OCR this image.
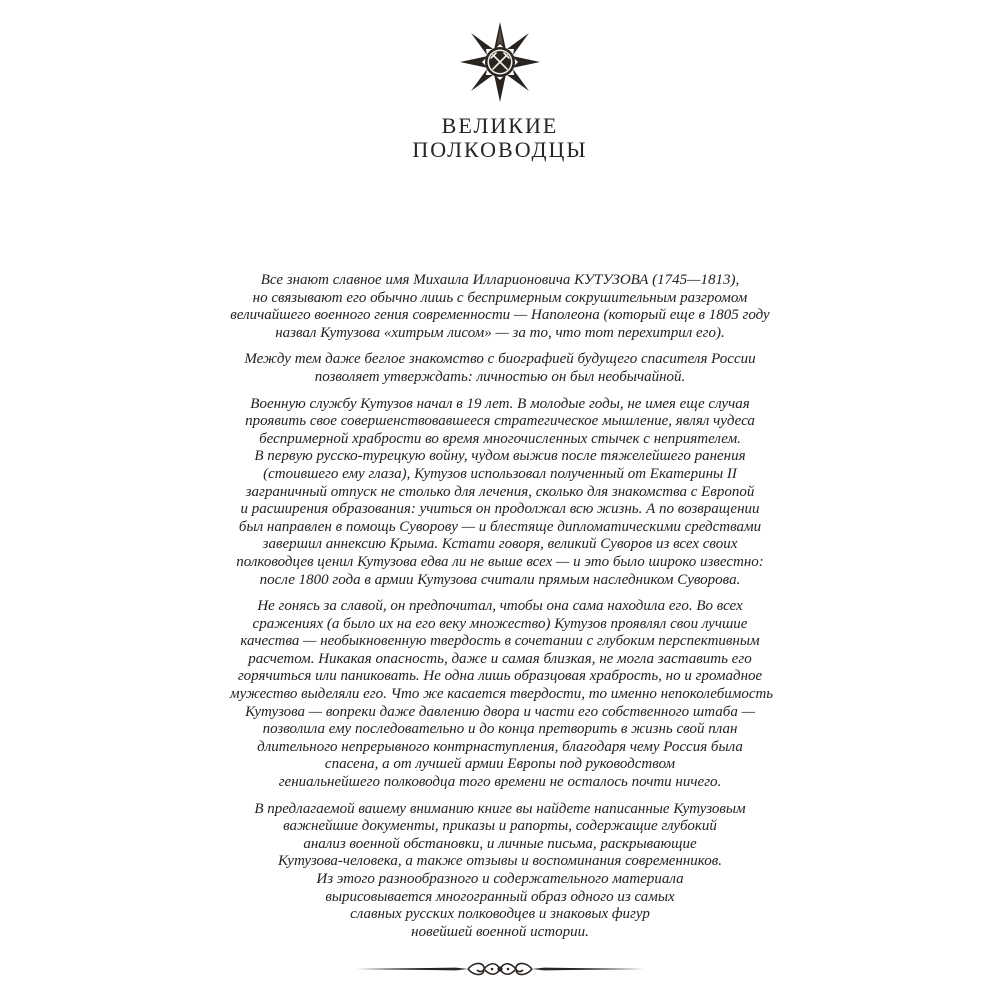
ВЕЛИКИЕ
ПОЛКОВОДЦЫ

Все знают славное имя Михаила Илларионовича КУТУЗОВА (1745—1813),
но связывают его обычно лишь с беспримерным сокрушительным разгромом
величайшего военного гения современности — Наполеона (который еще в 1805 году
назвал Кутузова «хитрым лисом» — за то, что тот перехитрил его).

Между тем даже беглое знакомство с биографией будущего спасителя России
позволяет утверждать: личностью он был необычайной.

Военную службу Кутузов начал в 19 лет. В молодые годы, не имея еще случая
проявить свое совершенствовавшееся стратегическое мышление, являл чудеса
беспримерной храбрости во время многочисленных стычек с неприятелем.
В первую русско-турецкую войну, чудом выжив после тяжелейшего ранения
(стоившего ему глаза), Кутузов использовал полученный от Екатерины II
заграничный отпуск не столько для лечения, сколько для знакомства с Европой
и расширения образования: учиться он продолжал всю жизнь. А по возвращении
был направлен в помощь Суворову — и блестяще дипломатическими средствами
завершил аннексию Крыма. Кстати говоря, великий Суворов из всех своих
полководцев ценил Кутузова едва ли не выше всех — и это было широко известно:
после 1800 года в армии Кутузова считали прямым наследником Суворова.

Не гонясь за славой, он предпочитал, чтобы она сама находила его. Во всех
сражениях (а было их на его веку множество) Кутузов проявлял свои лучшие
качества — необыкновенную твердость в сочетании с глубоким перспективным
расчетом. Никакая опасность, даже и самая близкая, не могла заставить его
горячиться или паниковать. Не одна лишь образцовая храбрость, но и громадное
мужество выделяли его. Что же касается твердости, то именно непоколебимость
Кутузова — вопреки даже давлению двора и части его собственного штаба —
позволила ему последовательно и до конца претворить в жизнь свой план
длительного непрерывного контрнаступления, благодаря чему Россия была
спасена, а от лучшей армии Европы под руководством
гениальнейшего полководца того времени не осталось почти ничего.

В предлагаемой вашему вниманию книге вы найдете написанные Кутузовым
важнейшие документы, приказы и рапорты, содержащие глубокий
анализ военной обстановки, и личные письма, раскрывающие
Кутузова-человека, а также отзывы и воспоминания современников.
Из этого разнообразного и содержательного материала
вырисовывается многогранный образ одного из самых
славных русских полководцев и знаковых фигур
новейшей военной истории.
